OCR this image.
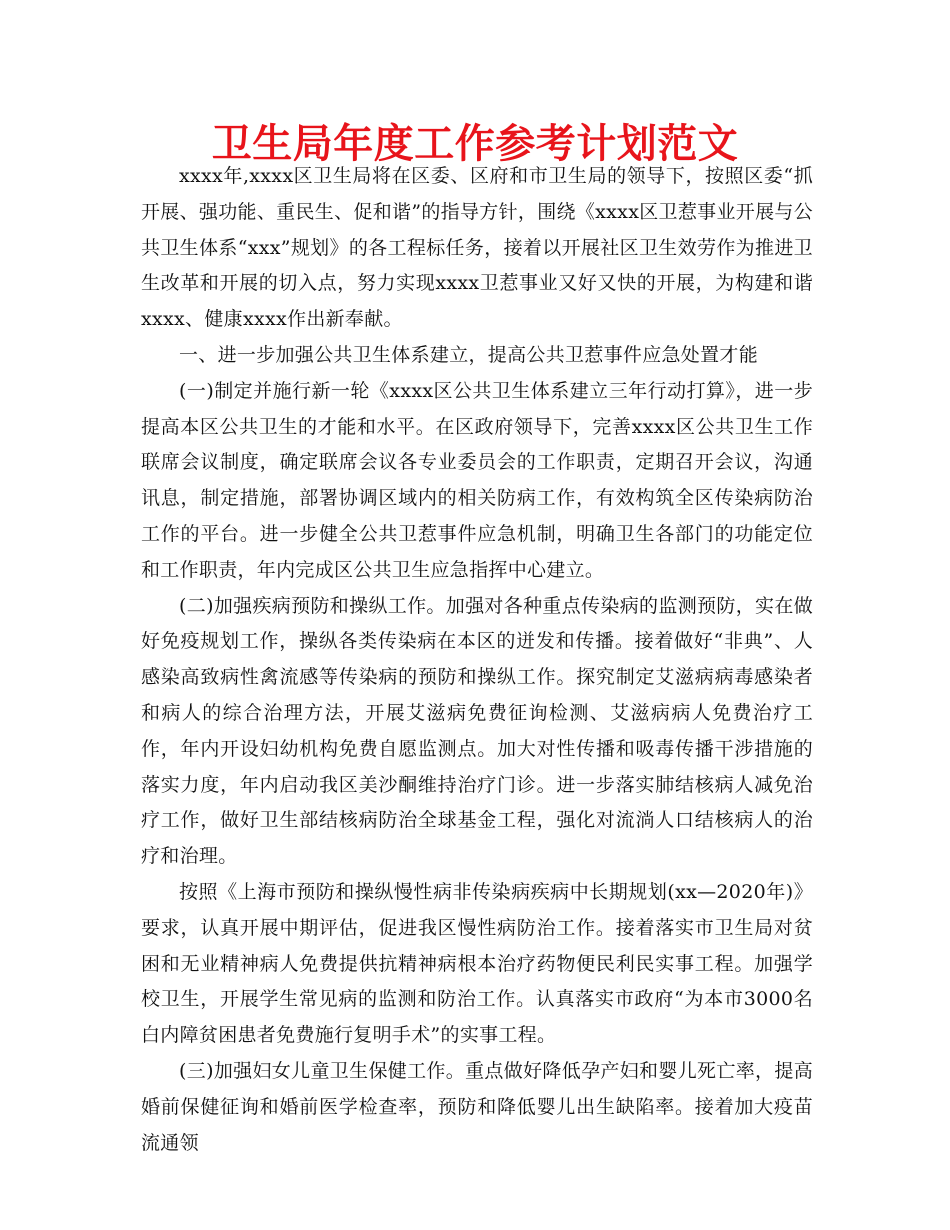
卫生局年度工作参考计划范文

xxxx年,xxxx区卫生局将在区委、区府和市卫生局的领导下，按照区委“抓开展、强功能、重民生、促和谐”的指导方针，围绕《xxxx区卫惹事业开展与公共卫生体系“xxx”规划》的各工程标任务，接着以开展社区卫生效劳作为推进卫生改革和开展的切入点，努力实现xxxx卫惹事业又好又快的开展，为构建和谐xxxx、健康xxxx作出新奉献。

一、进一步加强公共卫生体系建立，提高公共卫惹事件应急处置才能

(一)制定并施行新一轮《xxxx区公共卫生体系建立三年行动打算》，进一步提高本区公共卫生的才能和水平。在区政府领导下，完善xxxx区公共卫生工作联席会议制度，确定联席会议各专业委员会的工作职责，定期召开会议，沟通讯息，制定措施，部署协调区域内的相关防病工作，有效构筑全区传染病防治工作的平台。进一步健全公共卫惹事件应急机制，明确卫生各部门的功能定位和工作职责，年内完成区公共卫生应急指挥中心建立。

(二)加强疾病预防和操纵工作。加强对各种重点传染病的监测预防，实在做好免疫规划工作，操纵各类传染病在本区的迸发和传播。接着做好“非典”、人感染高致病性禽流感等传染病的预防和操纵工作。探究制定艾滋病病毒感染者和病人的综合治理方法，开展艾滋病免费征询检测、艾滋病病人免费治疗工作，年内开设妇幼机构免费自愿监测点。加大对性传播和吸毒传播干涉措施的落实力度，年内启动我区美沙酮维持治疗门诊。进一步落实肺结核病人减免治疗工作，做好卫生部结核病防治全球基金工程，强化对流淌人口结核病人的治疗和治理。

按照《上海市预防和操纵慢性病非传染病疾病中长期规划(xx—2020年)》要求，认真开展中期评估，促进我区慢性病防治工作。接着落实市卫生局对贫困和无业精神病人免费提供抗精神病根本治疗药物便民利民实事工程。加强学校卫生，开展学生常见病的监测和防治工作。认真落实市政府“为本市3000名白内障贫困患者免费施行复明手术”的实事工程。

(三)加强妇女儿童卫生保健工作。重点做好降低孕产妇和婴儿死亡率，提高婚前保健征询和婚前医学检查率，预防和降低婴儿出生缺陷率。接着加大疫苗流通领
